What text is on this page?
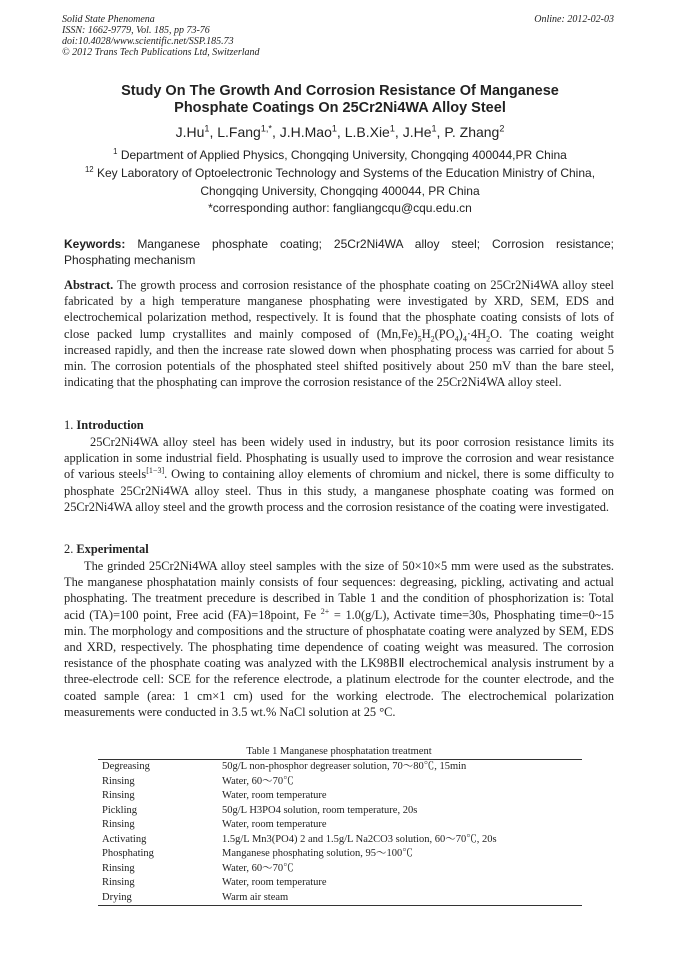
Solid State Phenomena
ISSN: 1662-9779, Vol. 185, pp 73-76
doi:10.4028/www.scientific.net/SSP.185.73
© 2012 Trans Tech Publications Ltd, Switzerland
Online: 2012-02-03
Study On The Growth And Corrosion Resistance Of Manganese
Phosphate Coatings On 25Cr2Ni4WA Alloy Steel
J.Hu$^1$, L.Fang$^{1,*}$, J.H.Mao$^1$, L.B.Xie$^1$, J.He$^1$, P. Zhang$^2$
$^1$ Department of Applied Physics, Chongqing University, Chongqing 400044,PR China
$^{12}$ Key Laboratory of Optoelectronic Technology and Systems of the Education Ministry of China,
Chongqing University, Chongqing 400044, PR China
*corresponding author: fangliangcqu@cqu.edu.cn
Keywords: Manganese phosphate coating; 25Cr2Ni4WA alloy steel; Corrosion resistance; Phosphating mechanism
Abstract. The growth process and corrosion resistance of the phosphate coating on 25Cr2Ni4WA alloy steel fabricated by a high temperature manganese phosphating were investigated by XRD, SEM, EDS and electrochemical polarization method, respectively. It is found that the phosphate coating consists of lots of close packed lump crystallites and mainly composed of $(Mn,Fe)_5H_2(PO_4)_4\cdot 4H_2O$. The coating weight increased rapidly, and then the increase rate slowed down when phosphating process was carried for about 5 min. The corrosion potentials of the phosphated steel shifted positively about 250 mV than the bare steel, indicating that the phosphating can improve the corrosion resistance of the 25Cr2Ni4WA alloy steel.
1. Introduction
25Cr2Ni4WA alloy steel has been widely used in industry, but its poor corrosion resistance limits its application in some industrial field. Phosphating is usually used to improve the corrosion and wear resistance of various steels[1−3]. Owing to containing alloy elements of chromium and nickel, there is some difficulty to phosphate 25Cr2Ni4WA alloy steel. Thus in this study, a manganese phosphate coating was formed on 25Cr2Ni4WA alloy steel and the growth process and the corrosion resistance of the coating were investigated.
2. Experimental
The grinded 25Cr2Ni4WA alloy steel samples with the size of 50×10×5 mm were used as the substrates. The manganese phosphatation mainly consists of four sequences: degreasing, pickling, activating and actual phosphating. The treatment precedure is described in Table 1 and the condition of phosphorization is: Total acid (TA)=100 point, Free acid (FA)=18point, Fe $^{2+}$ = 1.0(g/L), Activate time=30s, Phosphating time=0~15 min. The morphology and compositions and the structure of phosphatate coating were analyzed by SEM, EDS and XRD, respectively. The phosphating time dependence of coating weight was measured. The corrosion resistance of the phosphate coating was analyzed with the LK98BⅡ electrochemical analysis instrument by a three-electrode cell: SCE for the reference electrode, a platinum electrode for the counter electrode, and the coated sample (area: 1 cm×1 cm) used for the working electrode. The electrochemical polarization measurements were conducted in 3.5 wt.% NaCl solution at 25 °C.
Table 1 Manganese phosphatation treatment
Degreasing	50g/L non-phosphor degreaser solution, 70～80℃, 15min
Rinsing	Water, 60～70℃
Rinsing	Water, room temperature
Pickling	50g/L H3PO4 solution, room temperature, 20s
Rinsing	Water, room temperature
Activating	1.5g/L Mn3(PO4) 2 and 1.5g/L Na2CO3 solution, 60～70℃, 20s
Phosphating	Manganese phosphating solution, 95～100℃
Rinsing	Water, 60～70℃
Rinsing	Water, room temperature
Drying	Warm air steam
